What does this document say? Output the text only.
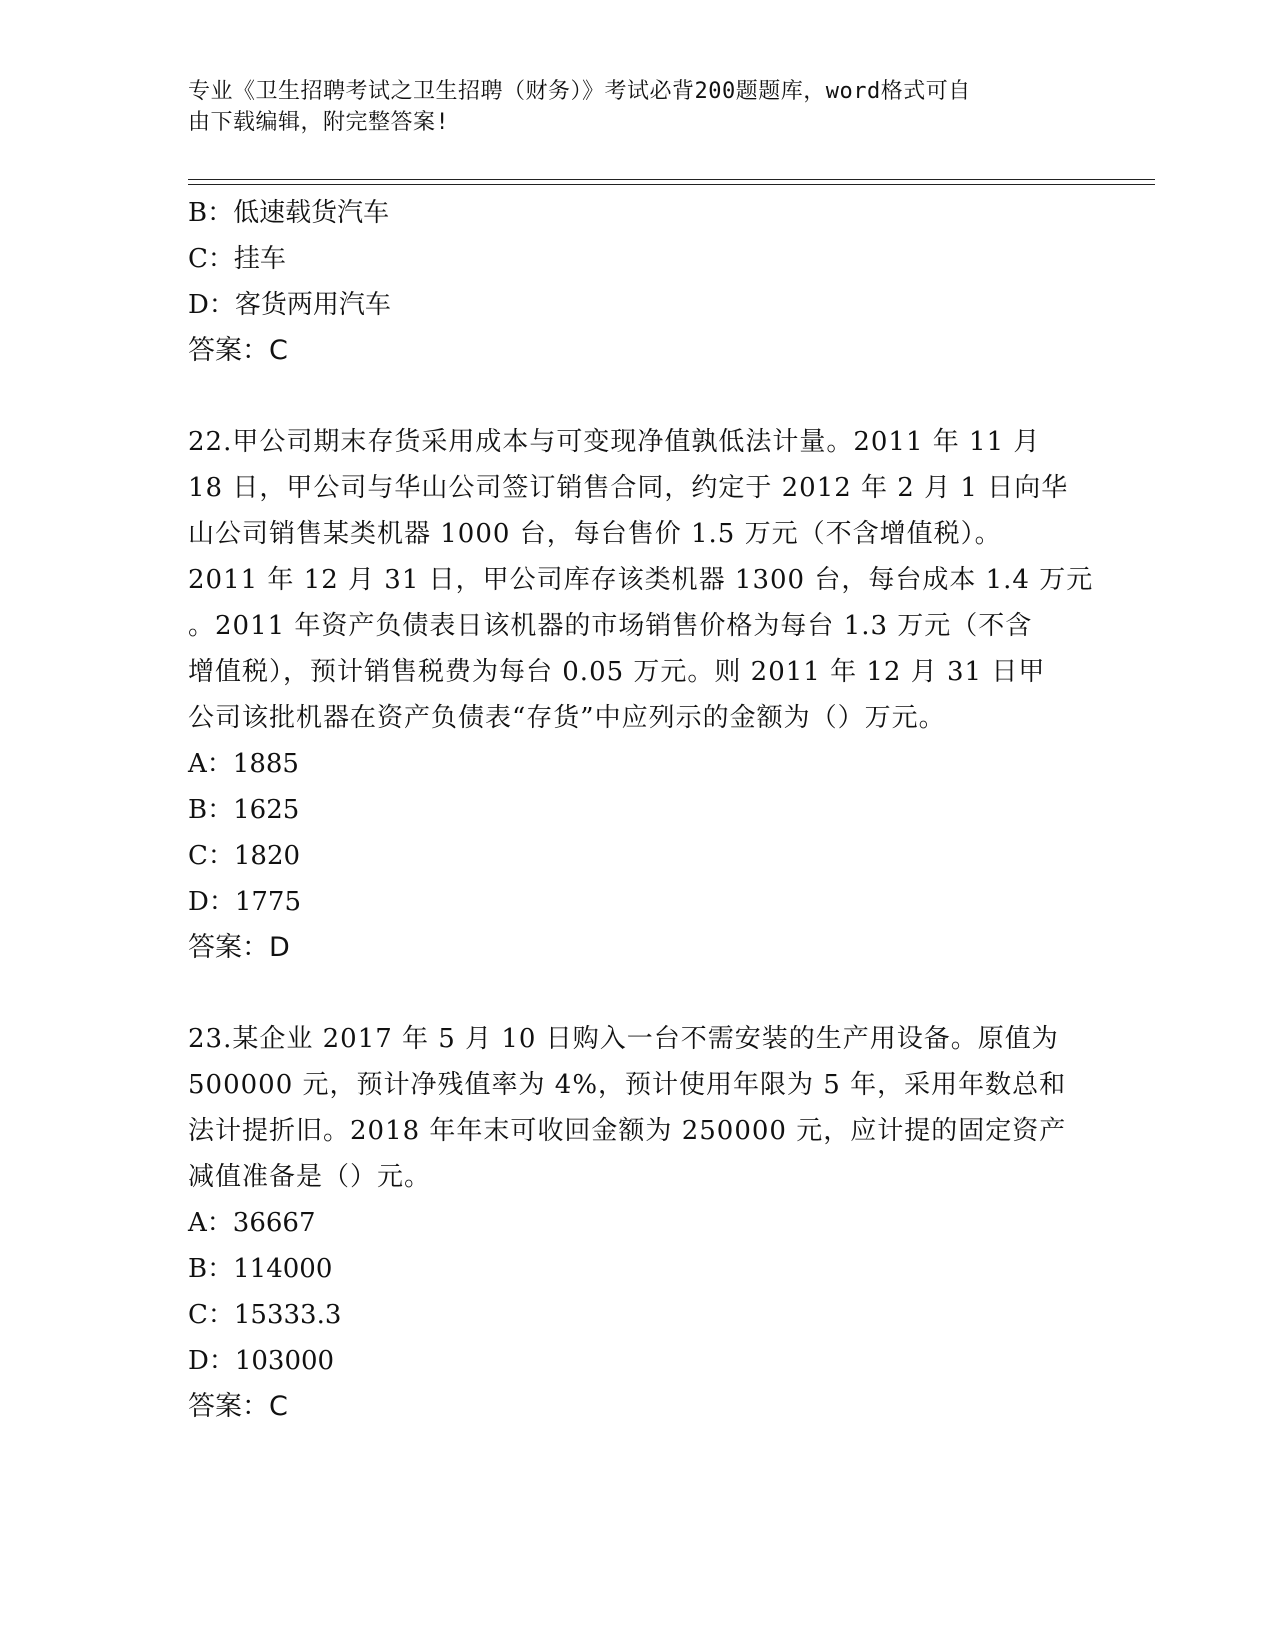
专业《卫生招聘考试之卫生招聘（财务）》考试必背200题题库，word格式可自
由下载编辑，附完整答案!
B：低速载货汽车
C：挂车
D：客货两用汽车
答案：C
22.甲公司期末存货采用成本与可变现净值孰低法计量。2011 年 11 月
18 日，甲公司与华山公司签订销售合同，约定于 2012 年 2 月 1 日向华
山公司销售某类机器 1000 台，每台售价 1.5 万元（不含增值税）。
2011 年 12 月 31 日，甲公司库存该类机器 1300 台，每台成本 1.4 万元
。2011 年资产负债表日该机器的市场销售价格为每台 1.3 万元（不含
增值税），预计销售税费为每台 0.05 万元。则 2011 年 12 月 31 日甲
公司该批机器在资产负债表“存货”中应列示的金额为（）万元。
A：1885
B：1625
C：1820
D：1775
答案：D
23.某企业 2017 年 5 月 10 日购入一台不需安装的生产用设备。原值为
500000 元，预计净残值率为 4%，预计使用年限为 5 年，采用年数总和
法计提折旧。2018 年年末可收回金额为 250000 元，应计提的固定资产
减值准备是（）元。
A：36667
B：114000
C：15333.3
D：103000
答案：C
